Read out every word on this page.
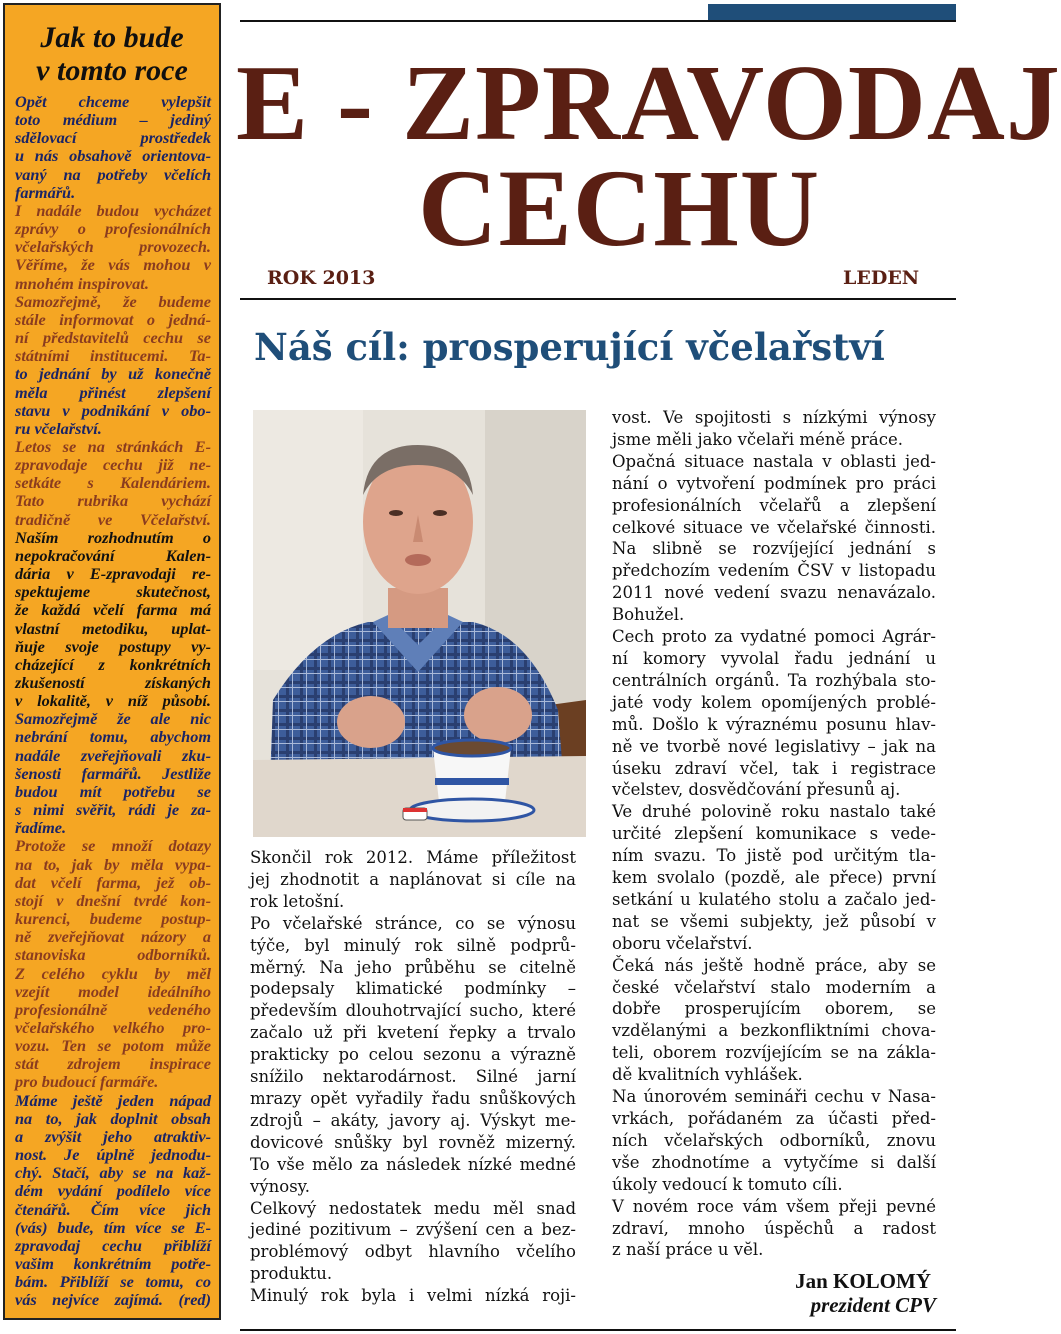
Jak to bude
v tomto roce
Opět chceme vylepšit
toto médium – jediný
sdělovací prostředek
u nás obsahově orientova-
vaný na potřeby včelích
farmářů.
I nadále budou vycházet
zprávy o profesionálních
včelařských provozech.
Věříme, že vás mohou v
mnohém inspirovat.
Samozřejmě, že budeme
stále informovat o jedná-
ní představitelů cechu se
státními institucemi. Ta-
to jednání by už konečně
měla přinést zlepšení
stavu v podnikání v obo-
ru včelařství.
Letos se na stránkách E-
zpravodaje cechu již ne-
setkáte s Kalendáriem.
Tato rubrika vychází
tradičně ve Včelařství.
Naším rozhodnutím o
nepokračování Kalen-
dária v E-zpravodaji re-
spektujeme skutečnost,
že každá včelí farma má
vlastní metodiku, uplat-
ňuje svoje postupy vy-
cházející z konkrétních
zkušeností získaných
v lokalitě, v níž působí.
Samozřejmě že ale nic
nebrání tomu, abychom
nadále zveřejňovali zku-
šenosti farmářů. Jestliže
budou mít potřebu se
s nimi svěřit, rádi je za-
řadíme.
Protože se množí dotazy
na to, jak by měla vypa-
dat včelí farma, jež ob-
stojí v dnešní tvrdé kon-
kurenci, budeme postup-
ně zveřejňovat názory a
stanoviska odborníků.
Z celého cyklu by měl
vzejít model ideálního
profesionálně vedeného
včelařského velkého pro-
vozu. Ten se potom může
stát zdrojem inspirace
pro budoucí farmáře.
Máme ještě jeden nápad
na to, jak doplnit obsah
a zvýšit jeho atraktiv-
nost. Je úplně jednodu-
chý. Stačí, aby se na kaž-
dém vydání podílelo více
čtenářů. Čím více jich
(vás) bude, tím více se E-
zpravodaj cechu přiblíží
vašim konkrétním potře-
bám. Přiblíží se tomu, co
vás nejvíce zajímá. (red)
E - ZPRAVODAJ
CECHU
ROK 2013	LEDEN
Náš cíl: prosperující včelařství
Skončil rok 2012. Máme příležitost
jej zhodnotit a naplánovat si cíle na
rok letošní.
Po včelařské stránce, co se výnosu
týče, byl minulý rok silně podprů-
měrný. Na jeho průběhu se citelně
podepsaly klimatické podmínky –
především dlouhotrvající sucho, které
začalo už při kvetení řepky a trvalo
prakticky po celou sezonu a výrazně
snížilo nektarodárnost. Silné jarní
mrazy opět vyřadily řadu snůškových
zdrojů – akáty, javory aj. Výskyt me-
dovicové snůšky byl rovněž mizerný.
To vše mělo za následek nízké medné
výnosy.
Celkový nedostatek medu měl snad
jediné pozitivum – zvýšení cen a bez-
problémový odbyt hlavního včelího
produktu.
Minulý rok byla i velmi nízká roji-
vost. Ve spojitosti s nízkými výnosy
jsme měli jako včelaři méně práce.
Opačná situace nastala v oblasti jed-
nání o vytvoření podmínek pro práci
profesionálních včelařů a zlepšení
celkové situace ve včelařské činnosti.
Na slibně se rozvíjející jednání s
předchozím vedením ČSV v listopadu
2011 nové vedení svazu nenavázalo.
Bohužel.
Cech proto za vydatné pomoci Agrár-
ní komory vyvolal řadu jednání u
centrálních orgánů. Ta rozhýbala sto-
jaté vody kolem opomíjených problé-
mů. Došlo k výraznému posunu hlav-
ně ve tvorbě nové legislativy – jak na
úseku zdraví včel, tak i registrace
včelstev, dosvědčování přesunů aj.
Ve druhé polovině roku nastalo také
určité zlepšení komunikace s vede-
ním svazu. To jistě pod určitým tla-
kem svolalo (pozdě, ale přece) první
setkání u kulatého stolu a začalo jed-
nat se všemi subjekty, jež působí v
oboru včelařství.
Čeká nás ještě hodně práce, aby se
české včelařství stalo moderním a
dobře prosperujícím oborem, se
vzdělanými a bezkonfliktními chova-
teli, oborem rozvíjejícím se na zákla-
dě kvalitních vyhlášek.
Na únorovém semináři cechu v Nasa-
vrkách, pořádaném za účasti před-
ních včelařských odborníků, znovu
vše zhodnotíme a vytyčíme si další
úkoly vedoucí k tomuto cíli.
V novém roce vám všem přeji pevné
zdraví, mnoho úspěchů a radost
z naší práce u vĕl.
Jan KOLOMÝ
prezident CPV
